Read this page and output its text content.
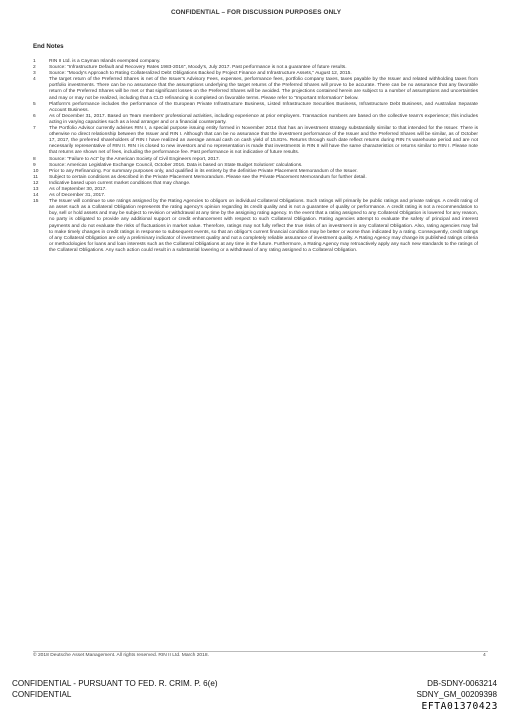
CONFIDENTIAL – FOR DISCUSSION PURPOSES ONLY
End Notes
1	RIN II Ltd. is a Cayman Islands exempted company.
2	Source: "Infrastructure Default and Recovery Rates 1983-2016", Moody's, July 2017. Past performance is not a guarantee of future results.
3	Source: "Moody's Approach to Rating Collateralized Debt Obligations Backed by Project Finance and Infrastructure Assets," August 12, 2015.
4	The target return of the Preferred Shares is net of the Issuer's Advisory Fees, expenses, performance fees, portfolio company taxes, taxes payable by the Issuer and related withholding taxes from portfolio investments. There can be no assurance that the assumptions underlying the target returns of the Preferred Shares will prove to be accurate. There can be no assurance that any favorable return of the Preferred Shares will be met or that significant losses on the Preferred Shares will be avoided. The projections contained herein are subject to a number of assumptions and uncertainties and may or may not be realized, including that a CLO refinancing is completed on favorable terms. Please refer to "Important Information" below.
5	Platform's performance includes the performance of the European Private Infrastructure Business, Listed Infrastructure Securities Business, Infrastructure Debt Business, and Australian Separate Account Business.
6	As of December 31, 2017. Based on Team members' professional activities, including experience at prior employers. Transaction numbers are based on the collective team's experience; this includes acting in varying capacities such as a lead arranger and or a financial counterparty.
7	The Portfolio Advisor currently advises RIN I, a special purpose issuing entity formed in November 2014 that has an investment strategy substantially similar to that intended for the Issuer. There is otherwise no direct relationship between the Issuer and RIN I. Although that can be no assurance that the investment performance of the Issuer and the Preferred Shares will be similar, as of October 17, 2017, the preferred shareholders of RIN I have realized an average annual cash on cash yield of 15.81%. Returns through such date reflect returns during RIN I's warehouse period and are not necessarily representative of RIN II. RIN I is closed to new investors and no representation is made that investments in RIN II will have the same characteristics or returns similar to RIN I. Please note that returns are shown net of fees, including the performance fee. Past performance is not indicative of future results.
8	Source: "Failure to Act" by the American Society of Civil Engineers report, 2017.
9	Source: American Legislative Exchange Council, October 2016. Data is based on State Budget Solutions' calculations.
10	Prior to any Refinancing. For summary purposes only, and qualified in its entirety by the definitive Private Placement Memorandum of the Issuer.
11	Subject to certain conditions as described in the Private Placement Memorandum. Please see the Private Placement Memorandum for further detail.
12	Indicative based upon current market conditions that may change.
13	As of September 30, 2017.
14	As of December 31, 2017.
15	The Issuer will continue to use ratings assigned by the Rating Agencies to obligors on individual Collateral Obligations. Such ratings will primarily be public ratings and private ratings. A credit rating of an asset such as a Collateral Obligation represents the rating agency's opinion regarding its credit quality and is not a guarantee of quality or performance. A credit rating is not a recommendation to buy, sell or hold assets and may be subject to revision or withdrawal at any time by the assigning rating agency. In the event that a rating assigned to any Collateral Obligation is lowered for any reason, no party is obligated to provide any additional support or credit enhancement with respect to such Collateral Obligation. Rating agencies attempt to evaluate the safety of principal and interest payments and do not evaluate the risks of fluctuations in market value. Therefore, ratings may not fully reflect the true risks of an investment in any Collateral Obligation. Also, rating agencies may fail to make timely changes in credit ratings in response to subsequent events, so that an obligor's current financial condition may be better or worse than indicated by a rating. Consequently, credit ratings of any Collateral Obligation are only a preliminary indicator of investment quality and not a completely reliable assurance of investment quality. A Rating Agency may change its published ratings criteria or methodologies for loans and loan interests such as the Collateral Obligations at any time in the future. Furthermore, a Rating Agency may retroactively apply any such new standards to the ratings of the Collateral Obligations. Any such action could result in a substantial lowering or a withdrawal of any rating assigned to a Collateral Obligation.
© 2018 Deutsche Asset Management. All rights reserved. RIN II Ltd. March 2018.	4
CONFIDENTIAL - PURSUANT TO FED. R. CRIM. P. 6(e)
CONFIDENTIAL
DB-SDNY-0063214
SDNY_GM_00209398
EFTA01370423
